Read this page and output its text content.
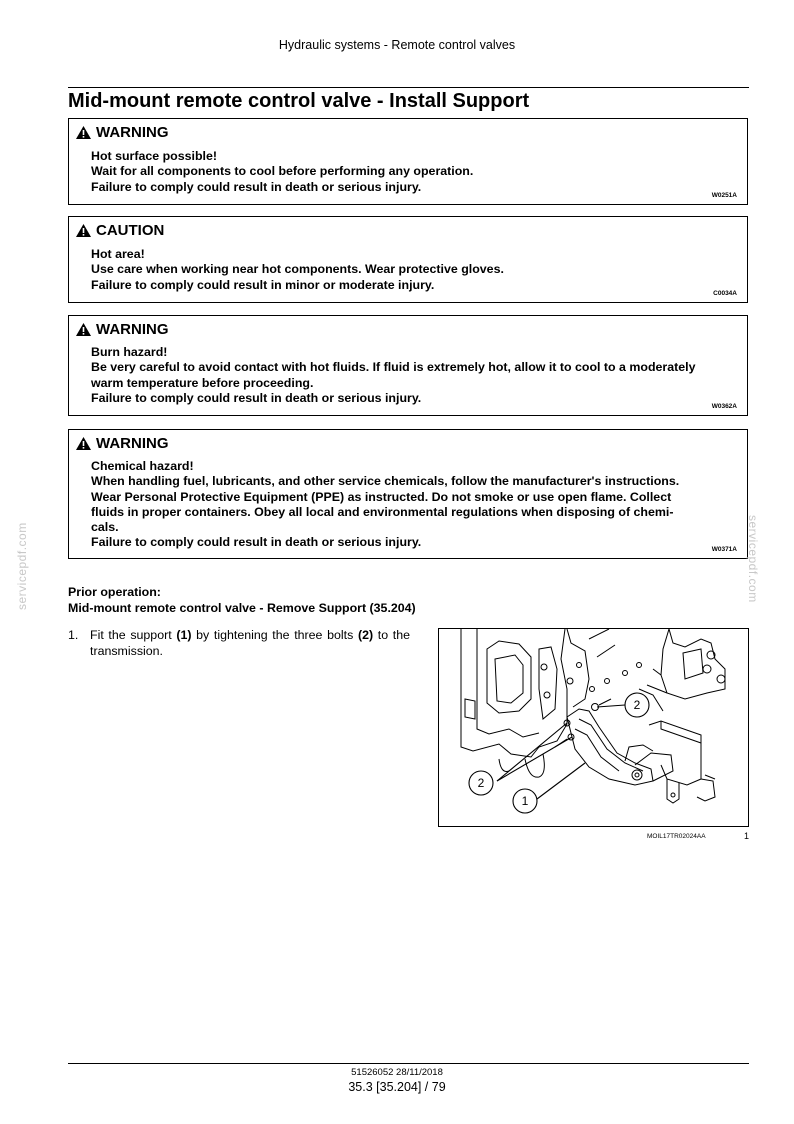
Hydraulic systems - Remote control valves
Mid-mount remote control valve - Install Support
WARNING
Hot surface possible!
Wait for all components to cool before performing any operation.
Failure to comply could result in death or serious injury.
W0251A
CAUTION
Hot area!
Use care when working near hot components. Wear protective gloves.
Failure to comply could result in minor or moderate injury.
C0034A
WARNING
Burn hazard!
Be very careful to avoid contact with hot fluids. If fluid is extremely hot, allow it to cool to a moderately
warm temperature before proceeding.
Failure to comply could result in death or serious injury.
W0362A
WARNING
Chemical hazard!
When handling fuel, lubricants, and other service chemicals, follow the manufacturer's instructions.
Wear Personal Protective Equipment (PPE) as instructed. Do not smoke or use open flame. Collect
fluids in proper containers. Obey all local and environmental regulations when disposing of chemi-
cals.
Failure to comply could result in death or serious injury.
W0371A
Prior operation:
Mid-mount remote control valve - Remove Support (35.204)
1. Fit the support (1) by tightening the three bolts (2) to the transmission.
2
2
1
MOIL17TR02024AA	1
servicepdf.com	servicepdf.com
51526052 28/11/2018
35.3 [35.204] / 79
